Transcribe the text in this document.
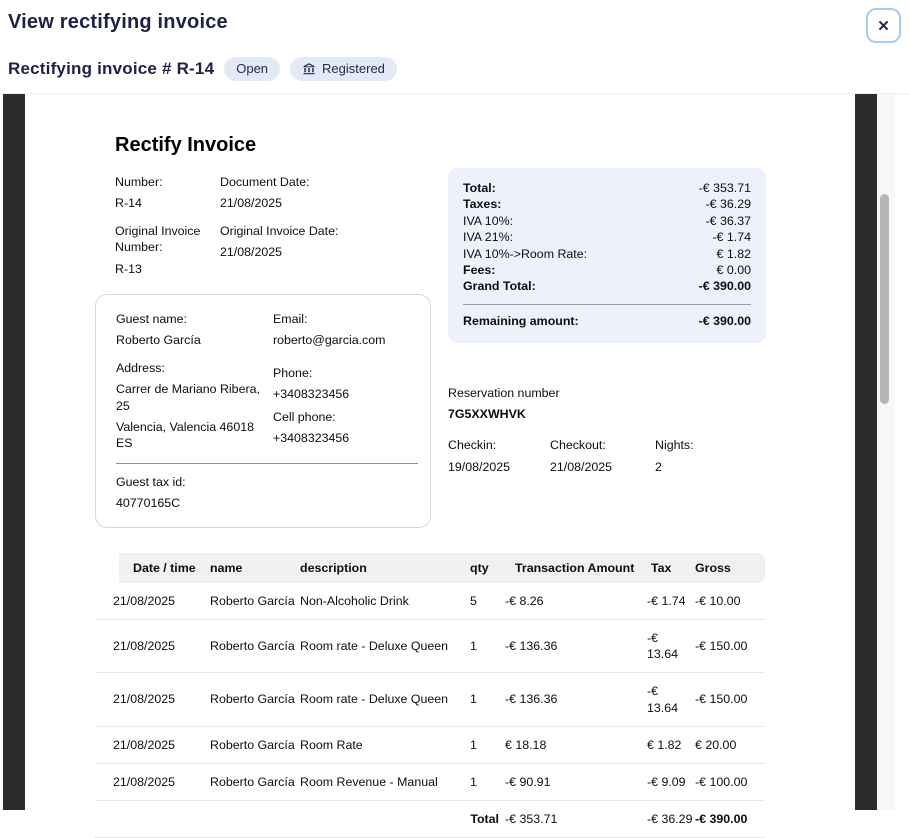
View rectifying invoice
Rectifying invoice # R-14 Open	Registered
✕
Rectify Invoice
Number:
R-14
Document Date:
21/08/2025
Original Invoice Number:
R-13
Original Invoice Date:
21/08/2025
Total:	-€ 353.71
Taxes:	-€ 36.29
IVA 10%:	-€ 36.37
IVA 21%:	-€ 1.74
IVA 10%->Room Rate:	€ 1.82
Fees:	€ 0.00
Grand Total:	-€ 390.00
Remaining amount:	-€ 390.00
Guest name:
Roberto García
Address:
Carrer de Mariano Ribera, 25
Valencia, Valencia 46018 ES
Email:
roberto@garcia.com
Phone:
+3408323456
Cell phone:
+3408323456
Guest tax id:
40770165C
Reservation number
7G5XXWHVK
Checkin:
19/08/2025
Checkout:
21/08/2025
Nights:
2
Date / time	name	description	qty	Transaction Amount	Tax	Gross
21/08/2025	Roberto García	Non-Alcoholic Drink	5	-€ 8.26	-€ 1.74	-€ 10.00
21/08/2025	Roberto García	Room rate - Deluxe Queen	1	-€ 136.36	-€ 13.64	-€ 150.00
21/08/2025	Roberto García	Room rate - Deluxe Queen	1	-€ 136.36	-€ 13.64	-€ 150.00
21/08/2025	Roberto García	Room Rate	1	€ 18.18	€ 1.82	€ 20.00
21/08/2025	Roberto García	Room Revenue - Manual	1	-€ 90.91	-€ 9.09	-€ 100.00
Total				-€ 353.71	-€ 36.29	-€ 390.00
